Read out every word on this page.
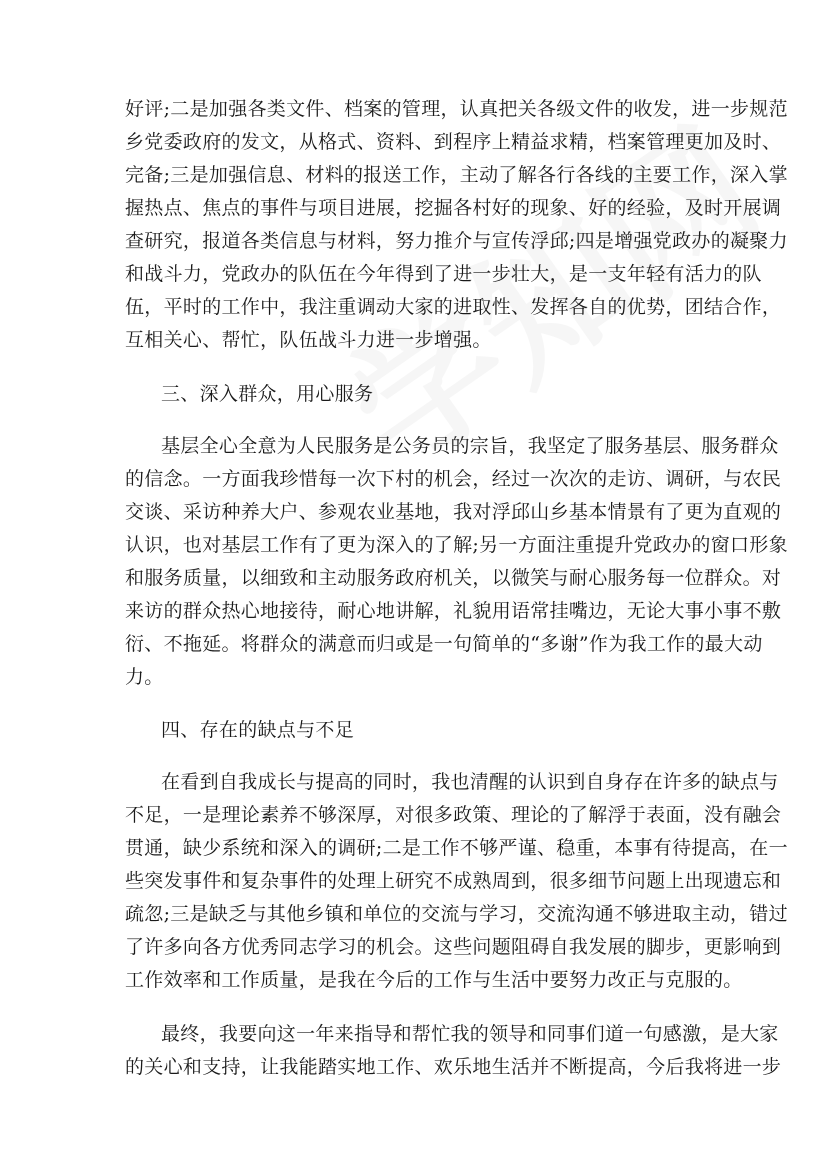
好评;二是加强各类文件、档案的管理，认真把关各级文件的收发，进一步规范
乡党委政府的发文，从格式、资料、到程序上精益求精，档案管理更加及时、
完备;三是加强信息、材料的报送工作，主动了解各行各线的主要工作，深入掌
握热点、焦点的事件与项目进展，挖掘各村好的现象、好的经验，及时开展调
查研究，报道各类信息与材料，努力推介与宣传浮邱;四是增强党政办的凝聚力
和战斗力，党政办的队伍在今年得到了进一步壮大，是一支年轻有活力的队
伍，平时的工作中，我注重调动大家的进取性、发挥各自的优势，团结合作，
互相关心、帮忙，队伍战斗力进一步增强。
三、深入群众，用心服务
基层全心全意为人民服务是公务员的宗旨，我坚定了服务基层、服务群众
的信念。一方面我珍惜每一次下村的机会，经过一次次的走访、调研，与农民
交谈、采访种养大户、参观农业基地，我对浮邱山乡基本情景有了更为直观的
认识，也对基层工作有了更为深入的了解;另一方面注重提升党政办的窗口形象
和服务质量，以细致和主动服务政府机关，以微笑与耐心服务每一位群众。对
来访的群众热心地接待，耐心地讲解，礼貌用语常挂嘴边，无论大事小事不敷
衍、不拖延。将群众的满意而归或是一句简单的“多谢”作为我工作的最大动
力。
四、存在的缺点与不足
在看到自我成长与提高的同时，我也清醒的认识到自身存在许多的缺点与
不足，一是理论素养不够深厚，对很多政策、理论的了解浮于表面，没有融会
贯通，缺少系统和深入的调研;二是工作不够严谨、稳重，本事有待提高，在一
些突发事件和复杂事件的处理上研究不成熟周到，很多细节问题上出现遗忘和
疏忽;三是缺乏与其他乡镇和单位的交流与学习，交流沟通不够进取主动，错过
了许多向各方优秀同志学习的机会。这些问题阻碍自我发展的脚步，更影响到
工作效率和工作质量，是我在今后的工作与生活中要努力改正与克服的。
最终，我要向这一年来指导和帮忙我的领导和同事们道一句感激，是大家
的关心和支持，让我能踏实地工作、欢乐地生活并不断提高，今后我将进一步
